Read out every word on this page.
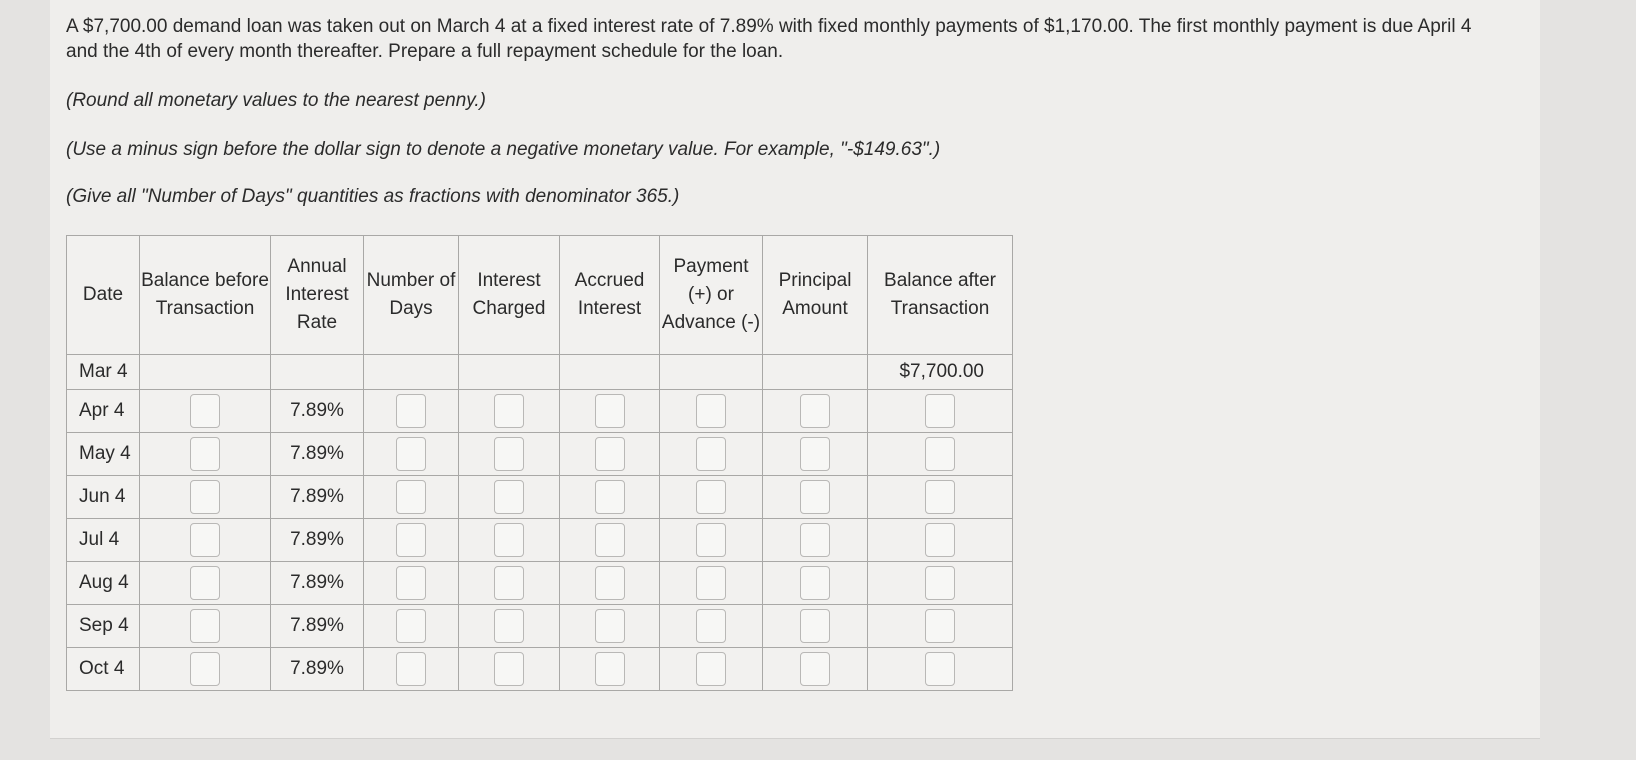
A $7,700.00 demand loan was taken out on March 4 at a fixed interest rate of 7.89% with fixed monthly payments of $1,170.00. The first monthly payment is due April 4 and the 4th of every month thereafter. Prepare a full repayment schedule for the loan.

(Round all monetary values to the nearest penny.)

(Use a minus sign before the dollar sign to denote a negative monetary value. For example, "-$149.63".)

(Give all "Number of Days" quantities as fractions with denominator 365.)

Date	Balance before Transaction	Annual Interest Rate	Number of Days	Interest Charged	Accrued Interest	Payment (+) or Advance (-)	Principal Amount	Balance after Transaction
Mar 4								$7,700.00
Apr 4		7.89%						
May 4		7.89%						
Jun 4		7.89%						
Jul 4		7.89%						
Aug 4		7.89%						
Sep 4		7.89%						
Oct 4		7.89%						
